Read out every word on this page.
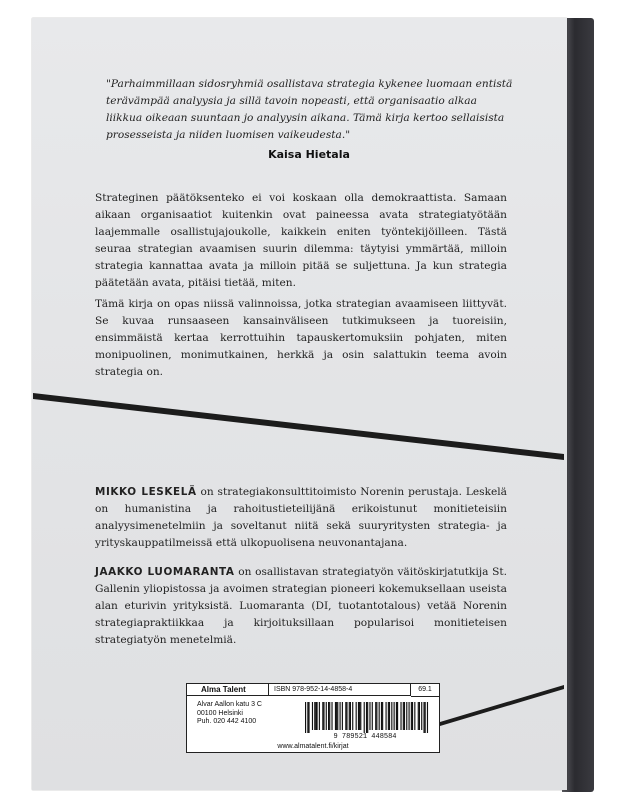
"Parhaimmillaan sidosryhmiä osallistava strategia kykenee luomaan entistä terävämpää analyysia ja sillä tavoin nopeasti, että organisaatio alkaa liikkua oikeaan suuntaan jo analyysin aikana. Tämä kirja kertoo sellaisista prosesseista ja niiden luomisen vaikeudesta."

Kaisa Hietala

Strateginen päätöksenteko ei voi koskaan olla demokraattista. Samaan aikaan organisaatiot kuitenkin ovat paineessa avata strategiatyötään laajemmalle osallistujajoukolle, kaikkein eniten työntekijöilleen. Tästä seuraa strategian avaamisen suurin dilemma: täytyisi ymmärtää, milloin strategia kannattaa avata ja milloin pitää se suljettuna. Ja kun strategia päätetään avata, pitäisi tietää, miten.

Tämä kirja on opas niissä valinnoissa, jotka strategian avaamiseen liittyvät. Se kuvaa runsaaseen kansainväliseen tutkimukseen ja tuoreisiin, ensimmäistä kertaa kerrottuihin tapauskertomuksiin pohjaten, miten monipuolinen, monimutkainen, herkkä ja osin salattukin teema avoin strategia on.

MIKKO LESKELÄ on strategiakonsulttitoimisto Norenin perustaja. Leskelä on humanistina ja rahoitustieteilijänä erikoistunut monitieteisiin analyysimenetelmiin ja soveltanut niitä sekä suuryritysten strategia- ja yrityskauppatilmeissä että ulkopuolisena neuvonantajana.

JAAKKO LUOMARANTA on osallistavan strategiatyön väitöskirjatutkija St. Gallenin yliopistossa ja avoimen strategian pioneeri kokemuksellaan useista alan eturivin yrityksistä. Luomaranta (DI, tuotantotalous) vetää Norenin strategiapraktiikkaa ja kirjoituksillaan popularisoi monitieteisen strategiatyön menetelmiä.

Alma Talent	ISBN 978-952-14-4858-4	69.1
Alvar Aallon katu 3 C
00100 Helsinki
Puh. 020 442 4100
9 789521 448584
www.almatalent.fi/kirjat
